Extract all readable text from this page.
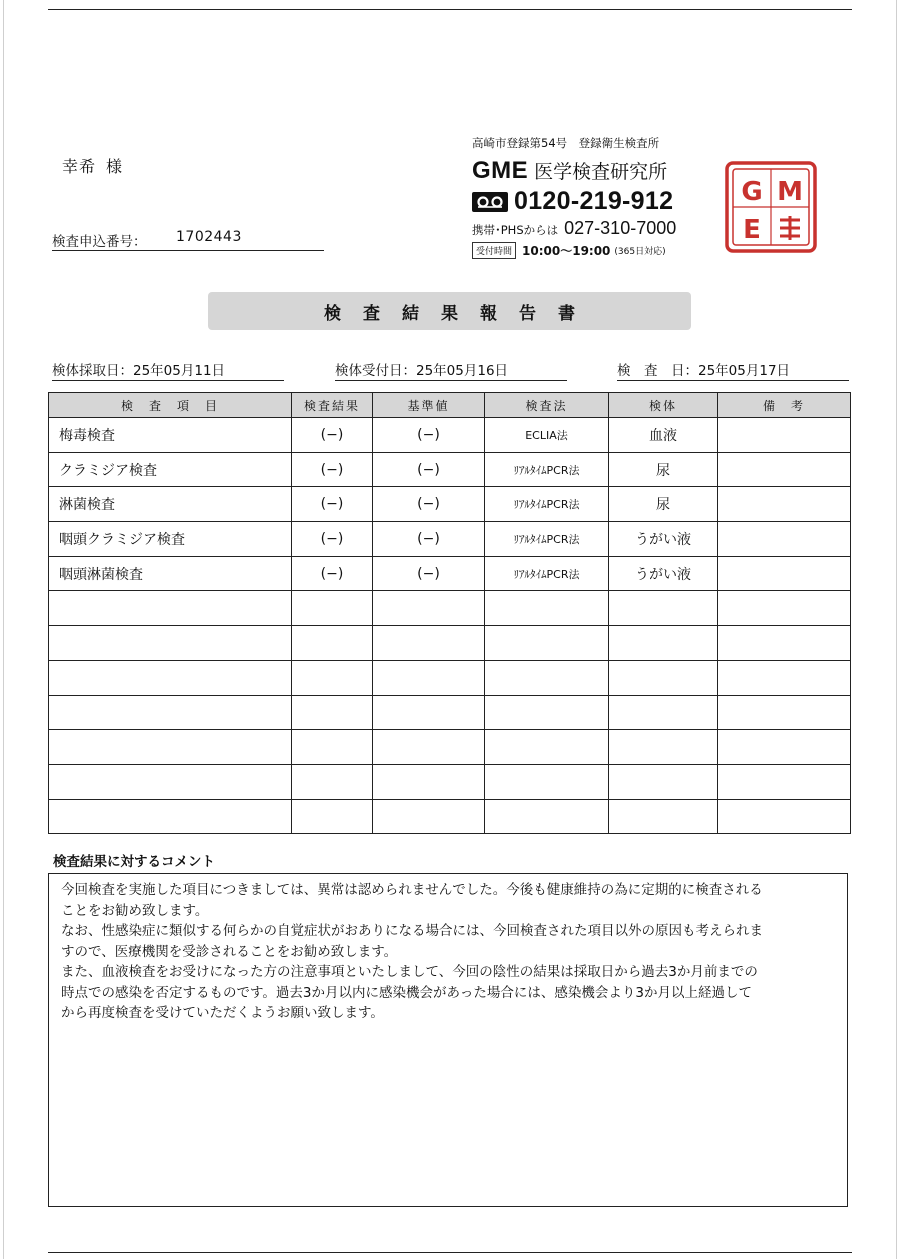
幸希 様
検査申込番号： 1702443
高崎市登録第54号　登録衛生検査所
GME 医学検査研究所
0120-219-912
携帯･PHSからは 027-310-7000
受付時間 10:00〜19:00 (365日対応)
G M
E
検査結果報告書
検体採取日：25年05月11日	検体受付日：25年05月16日	検　査　日：25年05月17日
検　査　項　目	検査結果	基準値	検査法	検体	備　考
梅毒検査	(−)	(−)	ECLIA法	血液	
クラミジア検査	(−)	(−)	ﾘｱﾙﾀｲﾑPCR法	尿	
淋菌検査	(−)	(−)	ﾘｱﾙﾀｲﾑPCR法	尿	
咽頭クラミジア検査	(−)	(−)	ﾘｱﾙﾀｲﾑPCR法	うがい液	
咽頭淋菌検査	(−)	(−)	ﾘｱﾙﾀｲﾑPCR法	うがい液	

検査結果に対するコメント

今回検査を実施した項目につきましては、異常は認められませんでした。今後も健康維持の為に定期的に検査される

ことをお勧め致します。

なお、性感染症に類似する何らかの自覚症状がおありになる場合には、今回検査された項目以外の原因も考えられま

すので、医療機関を受診されることをお勧め致します。

また、血液検査をお受けになった方の注意事項といたしまして、今回の陰性の結果は採取日から過去3か月前までの

時点での感染を否定するものです。過去3か月以内に感染機会があった場合には、感染機会より3か月以上経過して

から再度検査を受けていただくようお願い致します。
